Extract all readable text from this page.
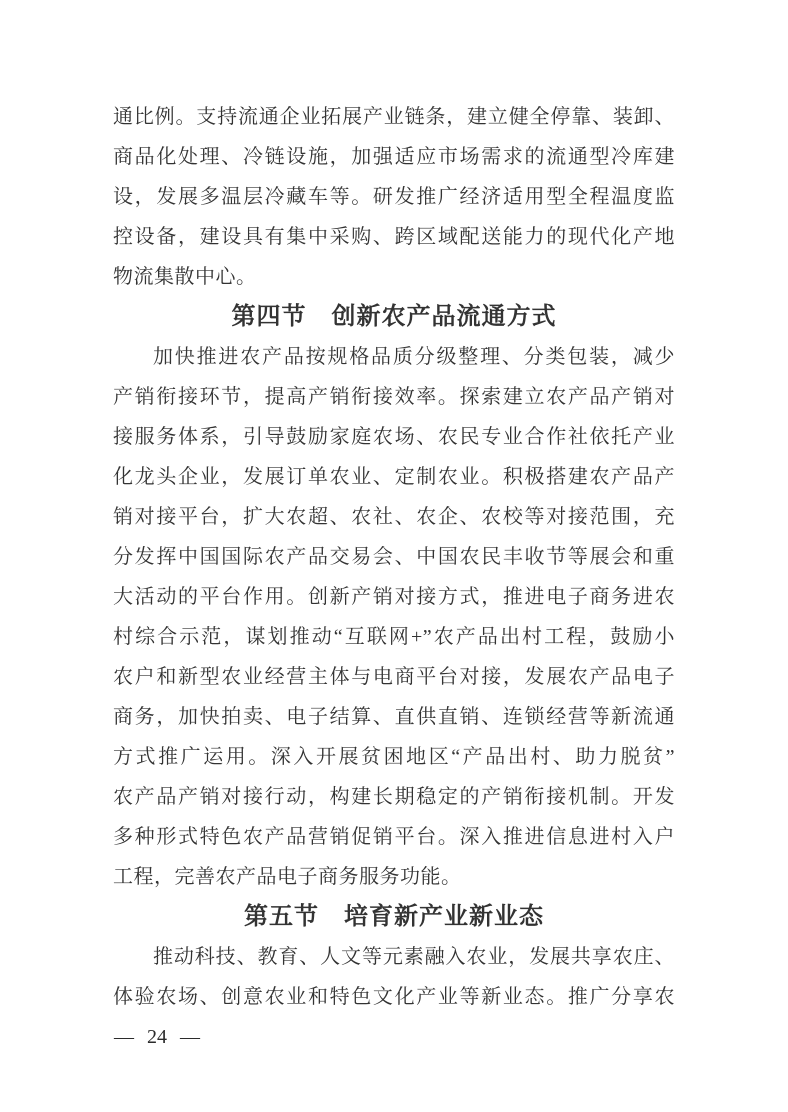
通比例。支持流通企业拓展产业链条，建立健全停靠、装卸、
商品化处理、冷链设施，加强适应市场需求的流通型冷库建
设，发展多温层冷藏车等。研发推广经济适用型全程温度监
控设备，建设具有集中采购、跨区域配送能力的现代化产地
物流集散中心。
第四节　创新农产品流通方式
加快推进农产品按规格品质分级整理、分类包装，减少
产销衔接环节，提高产销衔接效率。探索建立农产品产销对
接服务体系，引导鼓励家庭农场、农民专业合作社依托产业
化龙头企业，发展订单农业、定制农业。积极搭建农产品产
销对接平台，扩大农超、农社、农企、农校等对接范围，充
分发挥中国国际农产品交易会、中国农民丰收节等展会和重
大活动的平台作用。创新产销对接方式，推进电子商务进农
村综合示范，谋划推动“互联网+”农产品出村工程，鼓励小
农户和新型农业经营主体与电商平台对接，发展农产品电子
商务，加快拍卖、电子结算、直供直销、连锁经营等新流通
方式推广运用。深入开展贫困地区“产品出村、助力脱贫”
农产品产销对接行动，构建长期稳定的产销衔接机制。开发
多种形式特色农产品营销促销平台。深入推进信息进村入户
工程，完善农产品电子商务服务功能。
第五节　培育新产业新业态
推动科技、教育、人文等元素融入农业，发展共享农庄、
体验农场、创意农业和特色文化产业等新业态。推广分享农
— 24 —
